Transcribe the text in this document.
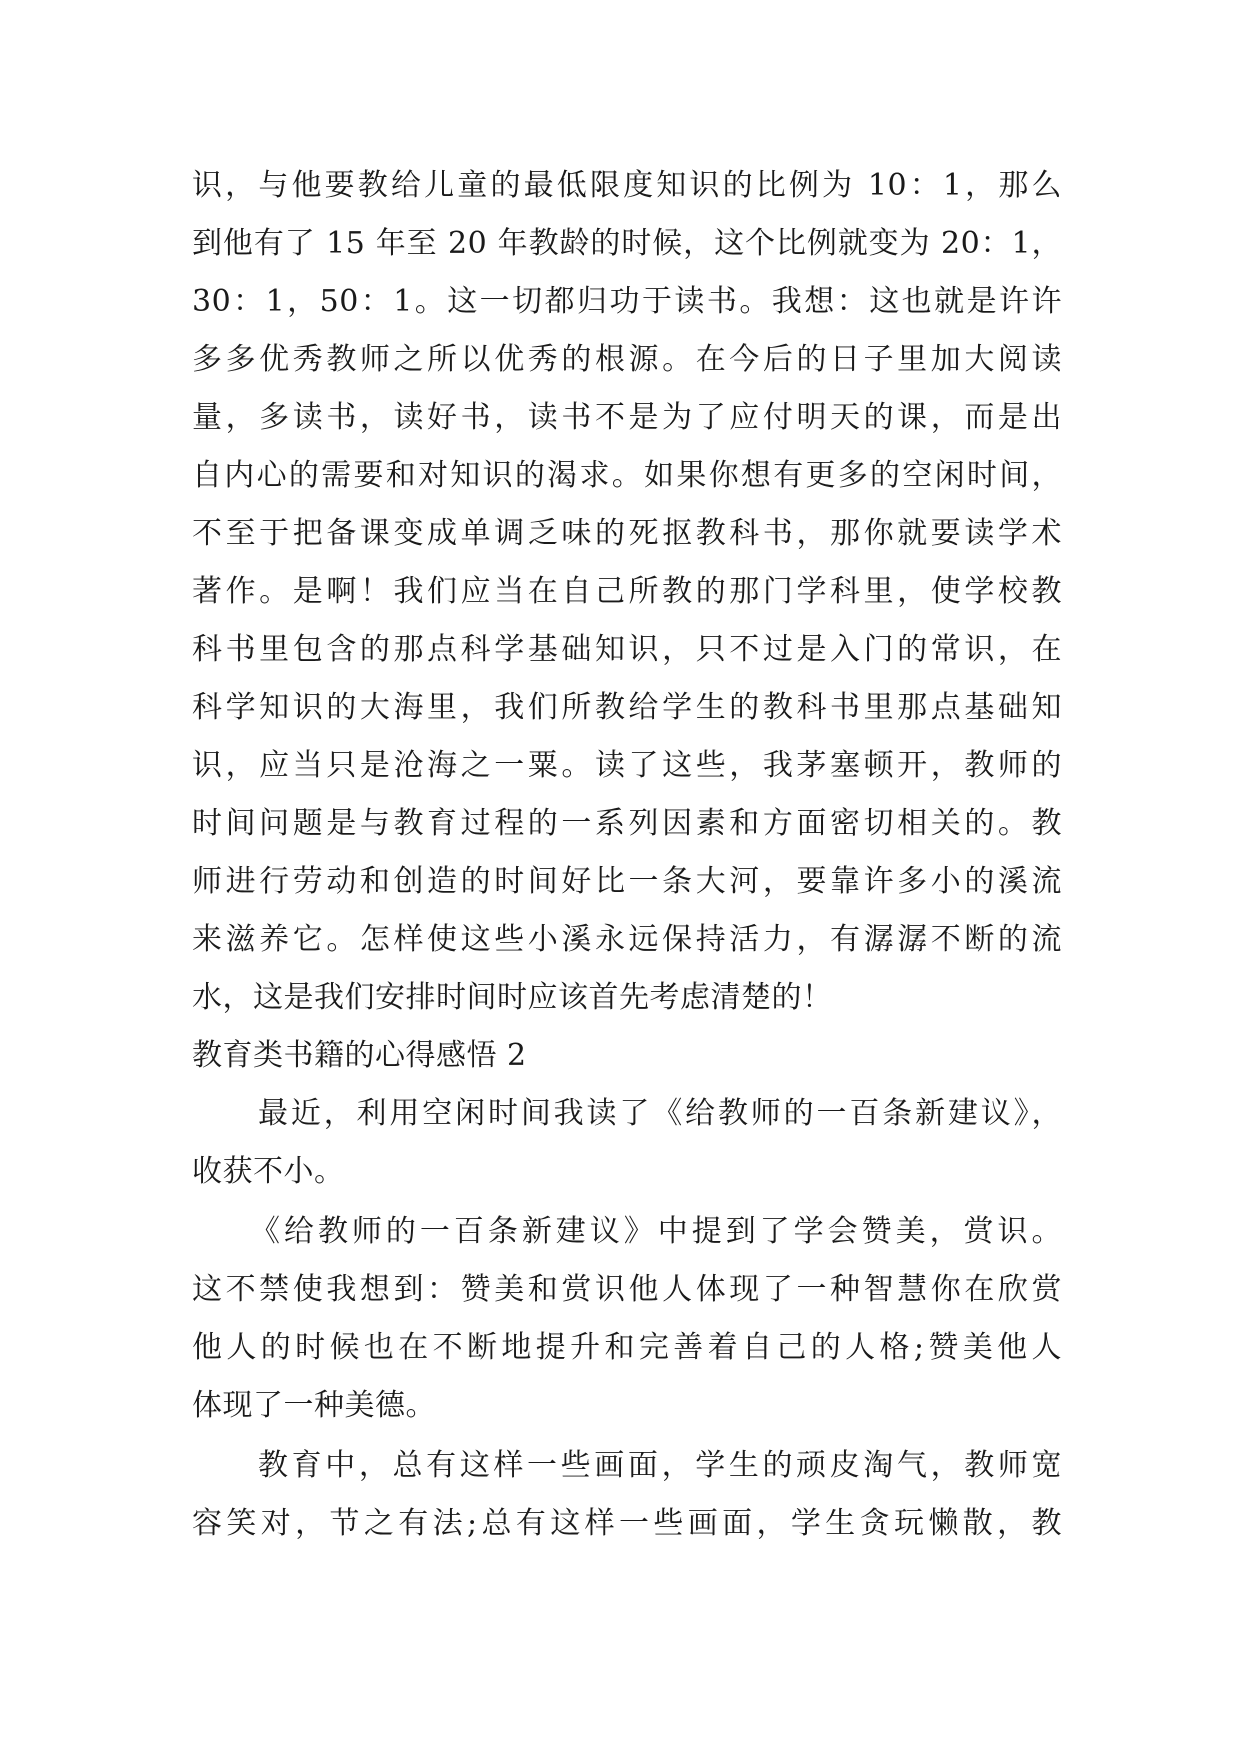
识，与他要教给儿童的最低限度知识的比例为 10：1，那么
到他有了 15 年至 20 年教龄的时候，这个比例就变为 20：1，
30：1，50：1。这一切都归功于读书。我想：这也就是许许
多多优秀教师之所以优秀的根源。在今后的日子里加大阅读
量，多读书，读好书，读书不是为了应付明天的课，而是出
自内心的需要和对知识的渴求。如果你想有更多的空闲时间，
不至于把备课变成单调乏味的死抠教科书，那你就要读学术
著作。是啊！我们应当在自己所教的那门学科里，使学校教
科书里包含的那点科学基础知识，只不过是入门的常识，在
科学知识的大海里，我们所教给学生的教科书里那点基础知
识，应当只是沧海之一粟。读了这些，我茅塞顿开，教师的
时间问题是与教育过程的一系列因素和方面密切相关的。教
师进行劳动和创造的时间好比一条大河，要靠许多小的溪流
来滋养它。怎样使这些小溪永远保持活力，有潺潺不断的流
水，这是我们安排时间时应该首先考虑清楚的！
教育类书籍的心得感悟 2
最近，利用空闲时间我读了《给教师的一百条新建议》，
收获不小。
《给教师的一百条新建议》中提到了学会赞美，赏识。
这不禁使我想到：赞美和赏识他人体现了一种智慧你在欣赏
他人的时候也在不断地提升和完善着自己的人格;赞美他人
体现了一种美德。
教育中，总有这样一些画面，学生的顽皮淘气，教师宽
容笑对，节之有法;总有这样一些画面，学生贪玩懒散，教
